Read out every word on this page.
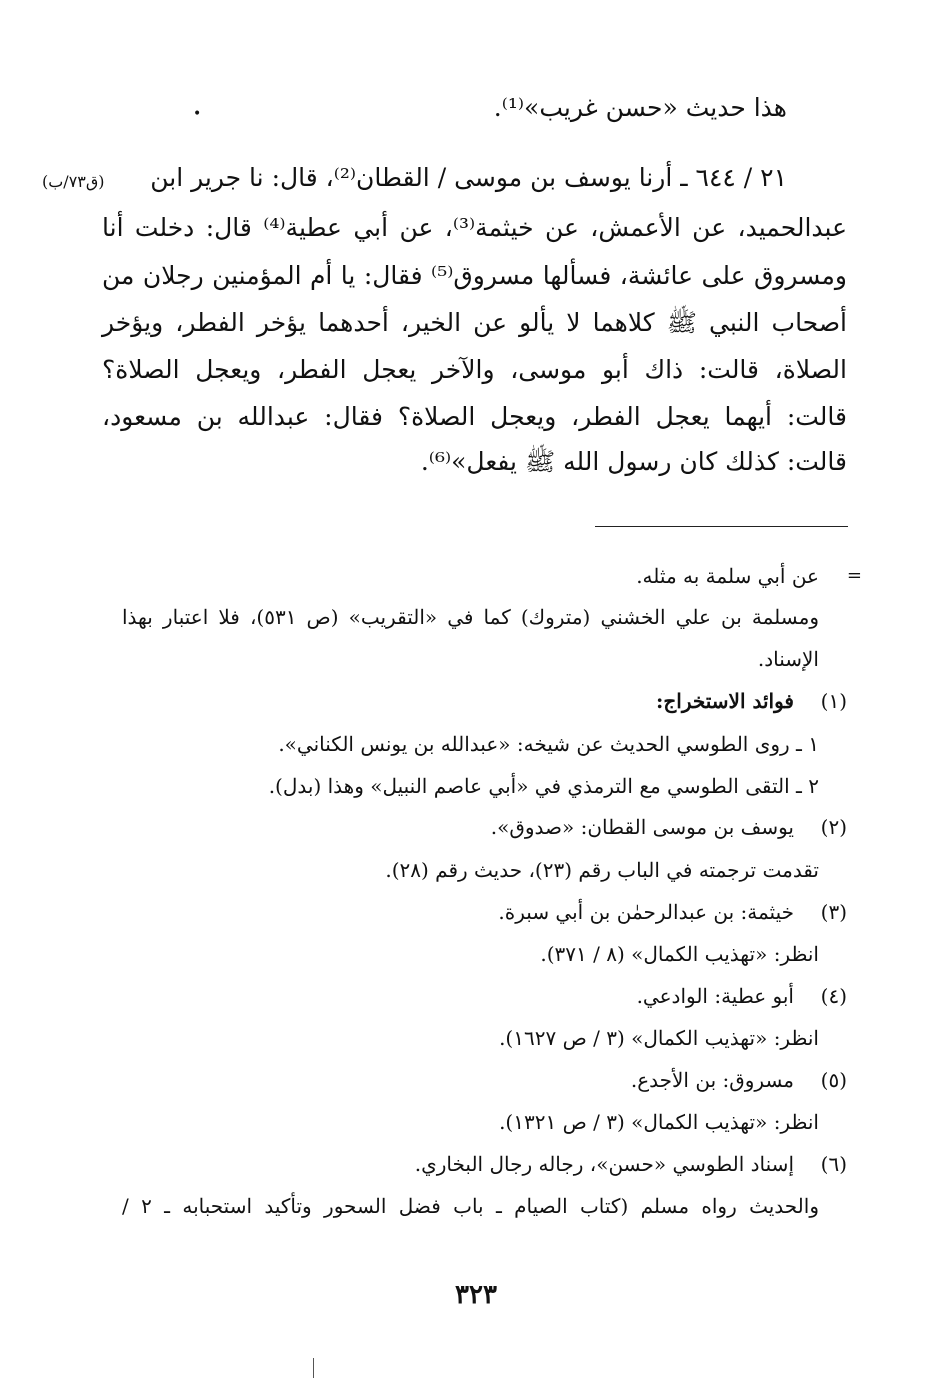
•	هذا حديث «حسن غريب»⁽¹⁾.
٢١ / ٦٤٤ ـ أرنا يوسف بن موسى / القطان⁽²⁾، قال: نا جرير ابن
(ق٧٣/ب)
عبدالحميد، عن الأعمش، عن خيثمة⁽³⁾، عن أبي عطية⁽⁴⁾ قال: دخلت أنا
ومسروق على عائشة، فسألها مسروق⁽⁵⁾ فقال: يا أم المؤمنين رجلان من
أصحاب النبي ﷺ كلاهما لا يألو عن الخير، أحدهما يؤخر الفطر، ويؤخر
الصلاة، قالت: ذاك أبو موسى، والآخر يعجل الفطر، ويعجل الصلاة؟
قالت: أيهما يعجل الفطر، ويعجل الصلاة؟ فقال: عبدالله بن مسعود،
قالت: كذلك كان رسول الله ﷺ يفعل»⁽⁶⁾.
=
عن أبي سلمة به مثله.
ومسلمة بن علي الخشني (متروك) كما في «التقريب» (ص ٥٣١)، فلا اعتبار بهذا
الإسناد.
(١)
فوائد الاستخراج:
١ ـ روى الطوسي الحديث عن شيخه: «عبدالله بن يونس الكناني».
٢ ـ التقى الطوسي مع الترمذي في «أبي عاصم النبيل» وهذا (بدل).
(٢)
يوسف بن موسى القطان: «صدوق».
تقدمت ترجمته في الباب رقم (٢٣)، حديث رقم (٢٨).
(٣)
خيثمة: بن عبدالرحمٰن بن أبي سبرة.
انظر: «تهذيب الكمال» (٨ / ٣٧١).
(٤)
أبو عطية: الوادعي.
انظر: «تهذيب الكمال» (٣ / ص ١٦٢٧).
(٥)
مسروق: بن الأجدع.
انظر: «تهذيب الكمال» (٣ / ص ١٣٢١).
(٦)
إسناد الطوسي «حسن»، رجاله رجال البخاري.
والحديث رواه مسلم (كتاب الصيام ـ باب فضل السحور وتأكيد استحبابه ـ ٢ /
٣٢٣
